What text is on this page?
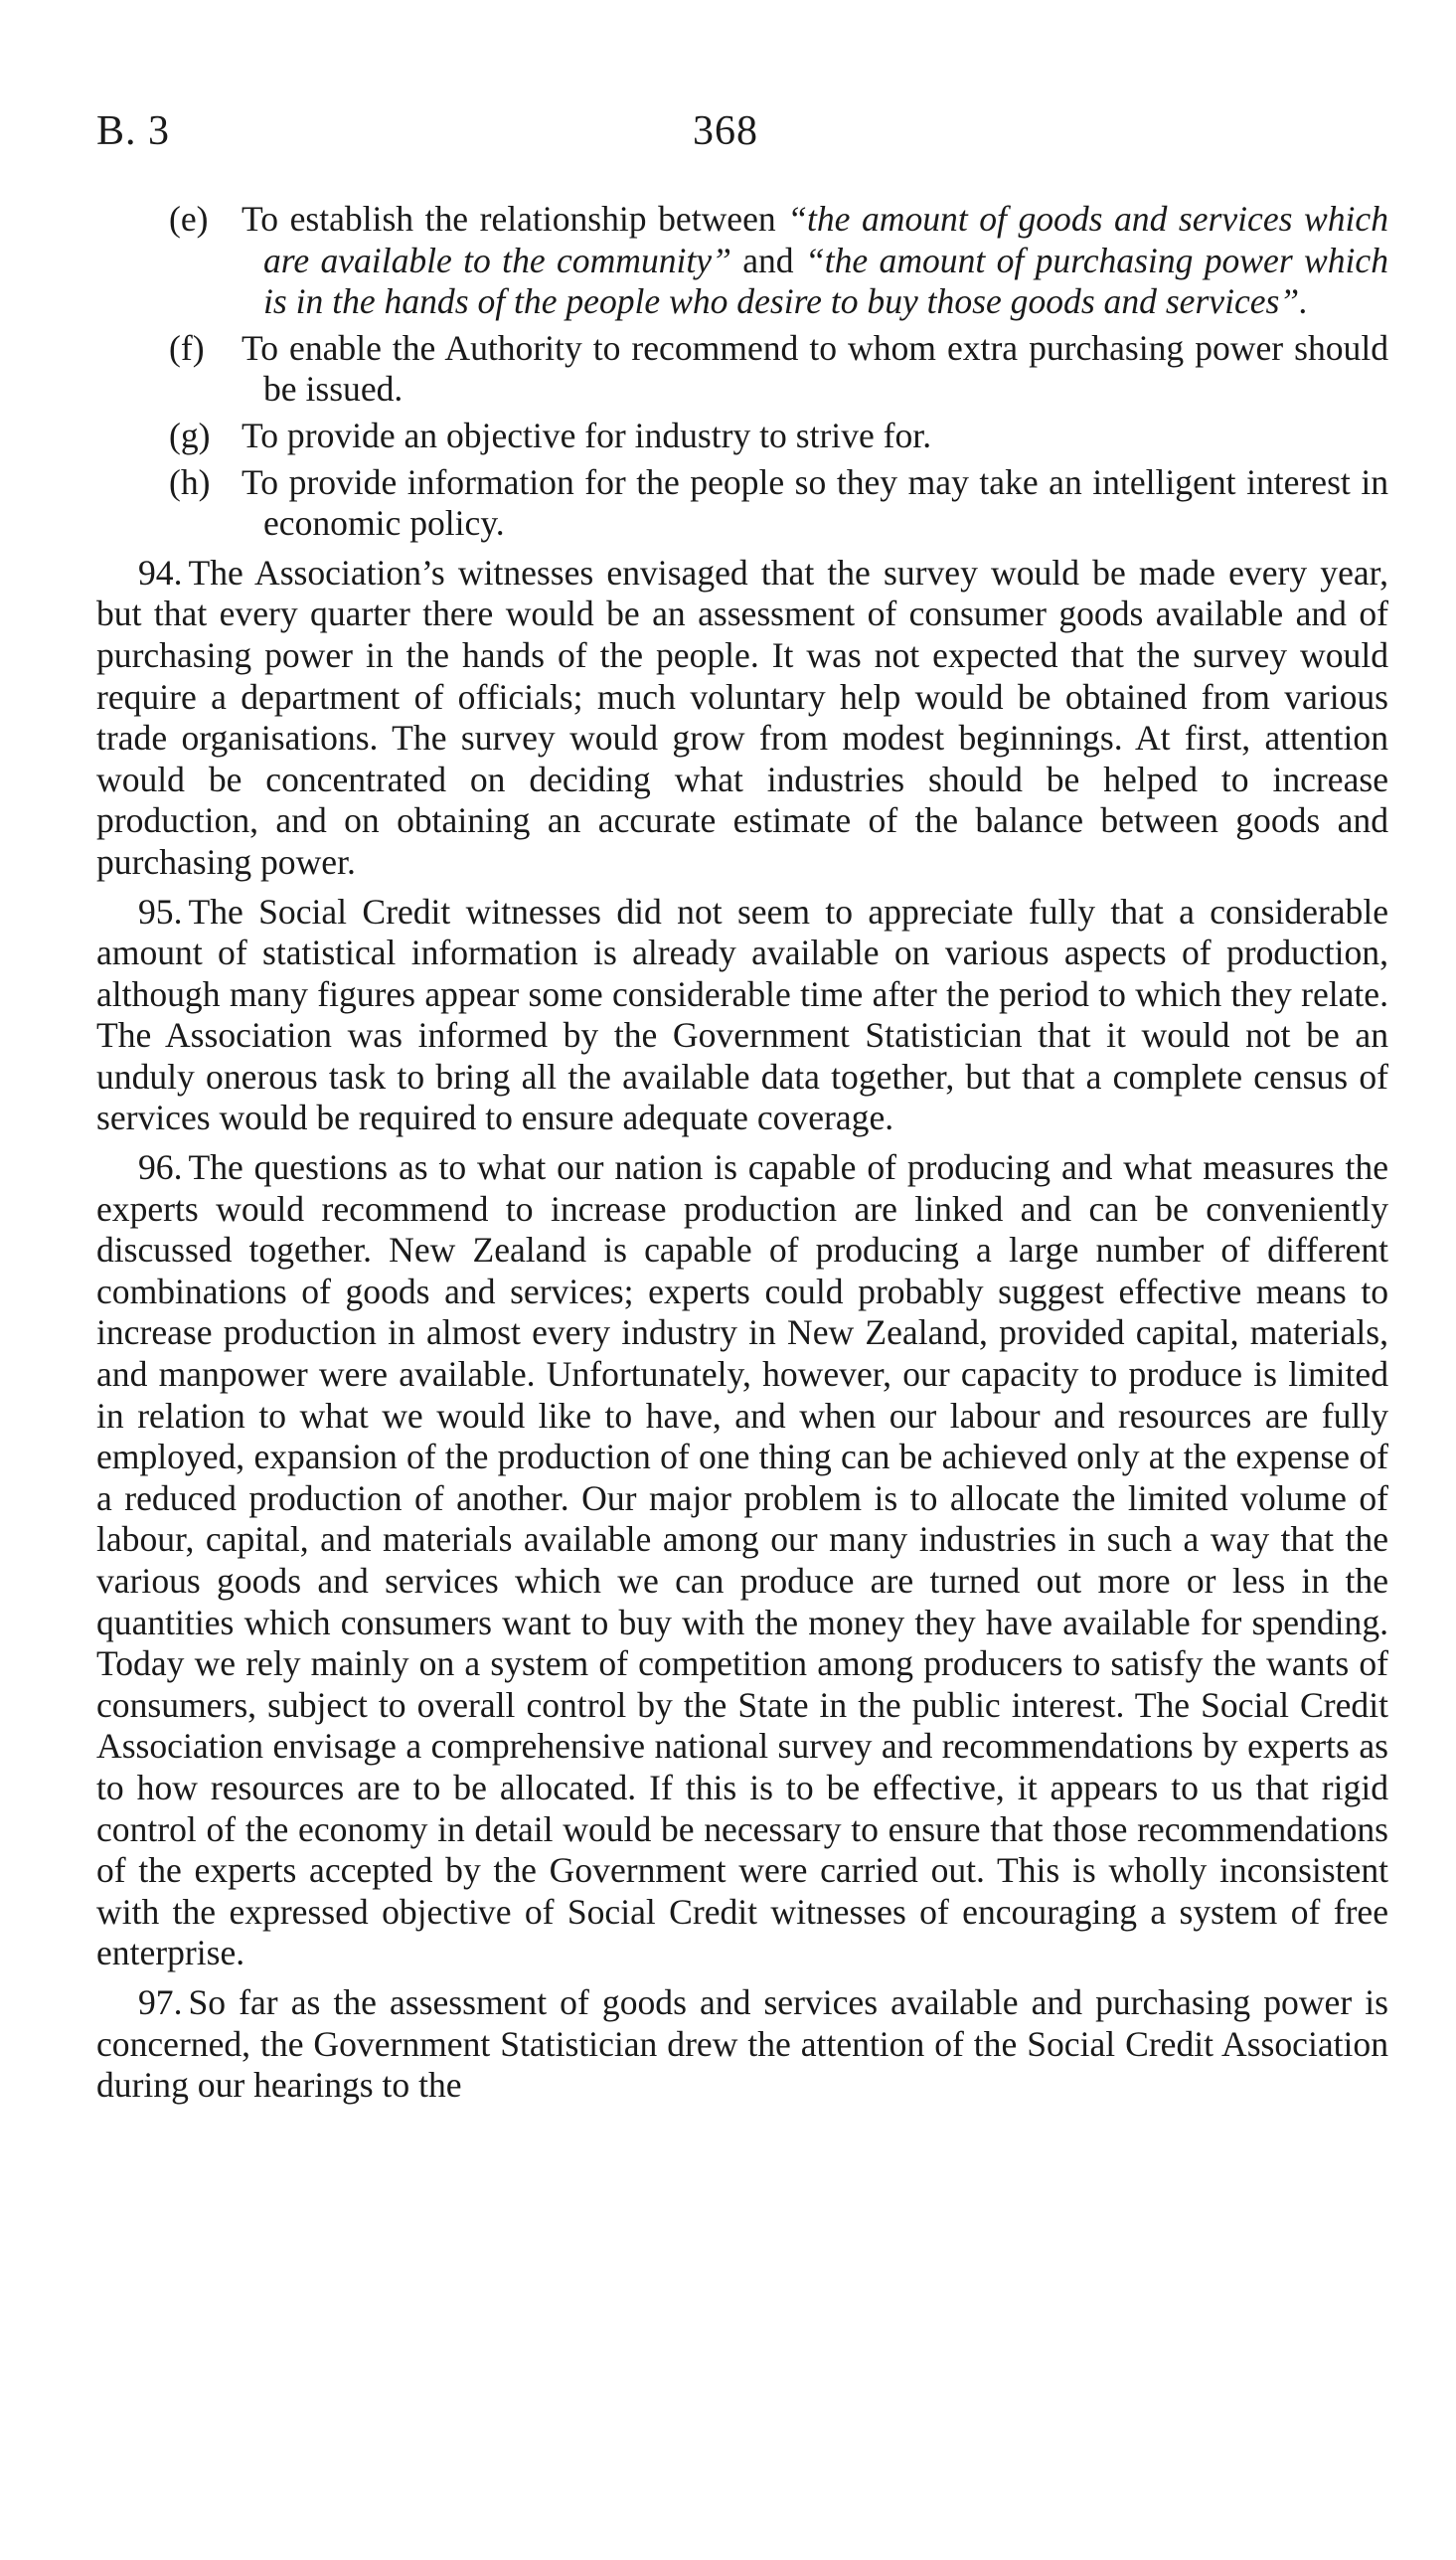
B. 3	368

(e) To establish the relationship between “the amount of goods and services which are available to the community” and “the amount of purchasing power which is in the hands of the people who desire to buy those goods and services”.

(f) To enable the Authority to recommend to whom extra purchasing power should be issued.

(g) To provide an objective for industry to strive for.

(h) To provide information for the people so they may take an intelligent interest in economic policy.

94. The Association’s witnesses envisaged that the survey would be made every year, but that every quarter there would be an assessment of consumer goods available and of purchasing power in the hands of the people. It was not expected that the survey would require a department of officials; much voluntary help would be obtained from various trade organisations. The survey would grow from modest beginnings. At first, attention would be concentrated on deciding what industries should be helped to increase production, and on obtaining an accurate estimate of the balance between goods and purchasing power.

95. The Social Credit witnesses did not seem to appreciate fully that a considerable amount of statistical information is already available on various aspects of production, although many figures appear some considerable time after the period to which they relate. The Association was informed by the Government Statistician that it would not be an unduly onerous task to bring all the available data together, but that a complete census of services would be required to ensure adequate coverage.

96. The questions as to what our nation is capable of producing and what measures the experts would recommend to increase production are linked and can be conveniently discussed together. New Zealand is capable of producing a large number of different combinations of goods and services; experts could probably suggest effective means to increase production in almost every industry in New Zealand, provided capital, materials, and manpower were available. Unfortunately, however, our capacity to produce is limited in relation to what we would like to have, and when our labour and resources are fully employed, expansion of the production of one thing can be achieved only at the expense of a reduced production of another. Our major problem is to allocate the limited volume of labour, capital, and materials available among our many industries in such a way that the various goods and services which we can produce are turned out more or less in the quantities which consumers want to buy with the money they have available for spending. Today we rely mainly on a system of competition among producers to satisfy the wants of consumers, subject to overall control by the State in the public interest. The Social Credit Association envisage a comprehensive national survey and recommendations by experts as to how resources are to be allocated. If this is to be effective, it appears to us that rigid control of the economy in detail would be necessary to ensure that those recommendations of the experts accepted by the Government were carried out. This is wholly inconsistent with the expressed objective of Social Credit witnesses of encouraging a system of free enterprise.

97. So far as the assessment of goods and services available and purchasing power is concerned, the Government Statistician drew the attention of the Social Credit Association during our hearings to the
